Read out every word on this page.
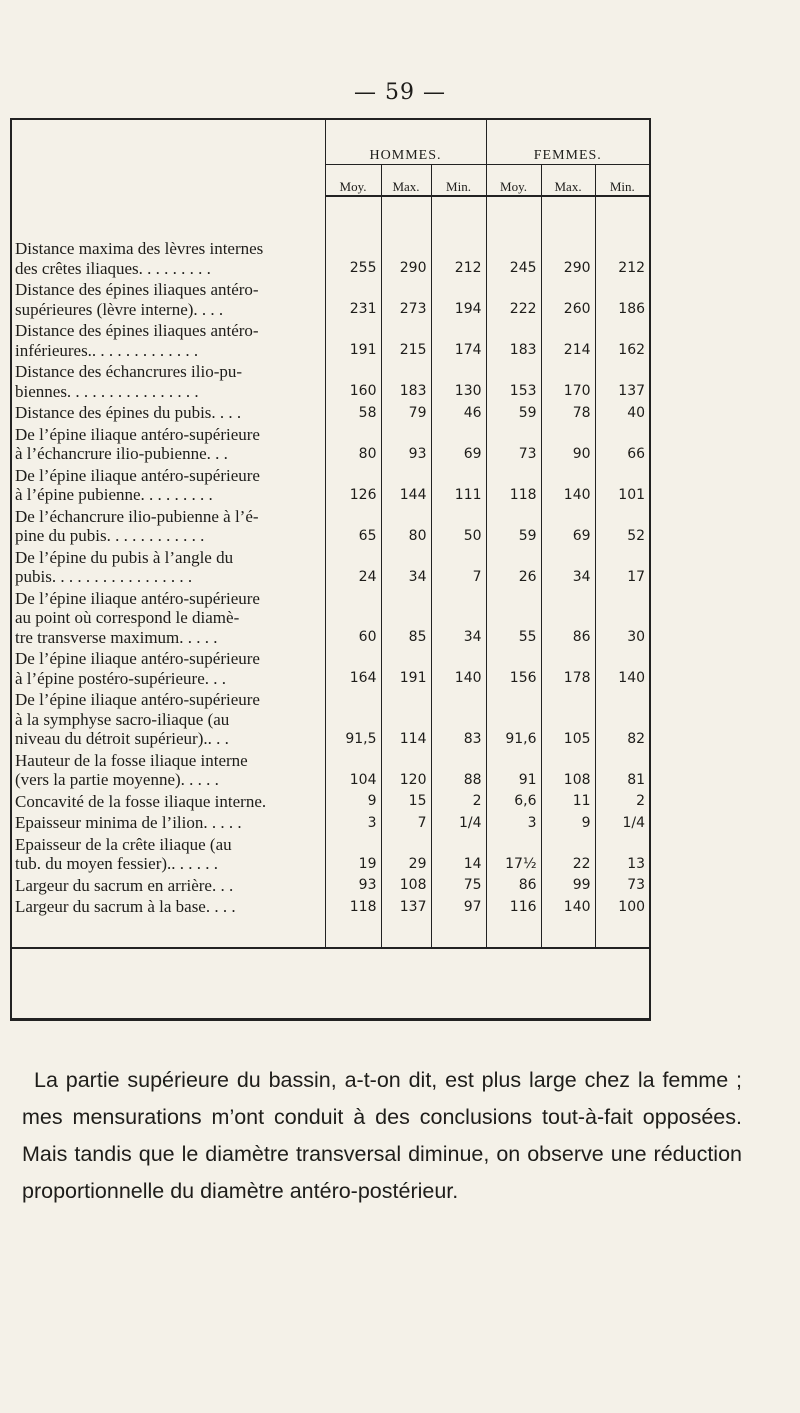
— 59 —
	HOMMES.			FEMMES.		
	Moy.	Max.	Min.	Moy.	Max.	Min.

Distance maxima des lèvres internes
des crêtes iliaques. . . . . . . . .	255	290	212	245	290	212

Distance des épines iliaques antéro-
supérieures (lèvre interne). . . .	231	273	194	222	260	186

Distance des épines iliaques antéro-
inférieures.. . . . . . . . . . . . .	191	215	174	183	214	162

Distance des échancrures ilio-pu-
biennes. . . . . . . . . . . . . . . .	160	183	130	153	170	137

Distance des épines du pubis. . . .	58	79	46	59	78	40

De l’épine iliaque antéro-supérieure
à l’échancrure ilio-pubienne. . .	80	93	69	73	90	66

De l’épine iliaque antéro-supérieure
à l’épine pubienne. . . . . . . . .	126	144	111	118	140	101

De l’échancrure ilio-pubienne à l’é-
pine du pubis. . . . . . . . . . . .	65	80	50	59	69	52

De l’épine du pubis à l’angle du
pubis. . . . . . . . . . . . . . . . .	24	34	7	26	34	17

De l’épine iliaque antéro-supérieure
au point où correspond le diamè-
tre transverse maximum. . . . .	60	85	34	55	86	30

De l’épine iliaque antéro-supérieure
à l’épine postéro-supérieure. . .	164	191	140	156	178	140

De l’épine iliaque antéro-supérieure
à la symphyse sacro-iliaque (au
niveau du détroit supérieur).. . .	91,5	114	83	91,6	105	82

Hauteur de la fosse iliaque interne
(vers la partie moyenne). . . . .	104	120	88	91	108	81

Concavité de la fosse iliaque interne.	9	15	2	6,6	11	2

Epaisseur minima de l’ilion. . . . .	3	7	1/4	3	9	1/4

Epaisseur de la crête iliaque (au
tub. du moyen fessier).. . . . . .	19	29	14	17½	22	13

Largeur du sacrum en arrière. . .	93	108	75	86	99	73

Largeur du sacrum à la base. . . .	118	137	97	116	140	100

La partie supérieure du bassin, a-t-on dit, est plus large chez la femme ; mes mensurations m’ont conduit à des conclusions tout-à-fait opposées. Mais tandis que le diamètre transversal diminue, on observe une réduction proportionnelle du diamètre antéro-postérieur.
